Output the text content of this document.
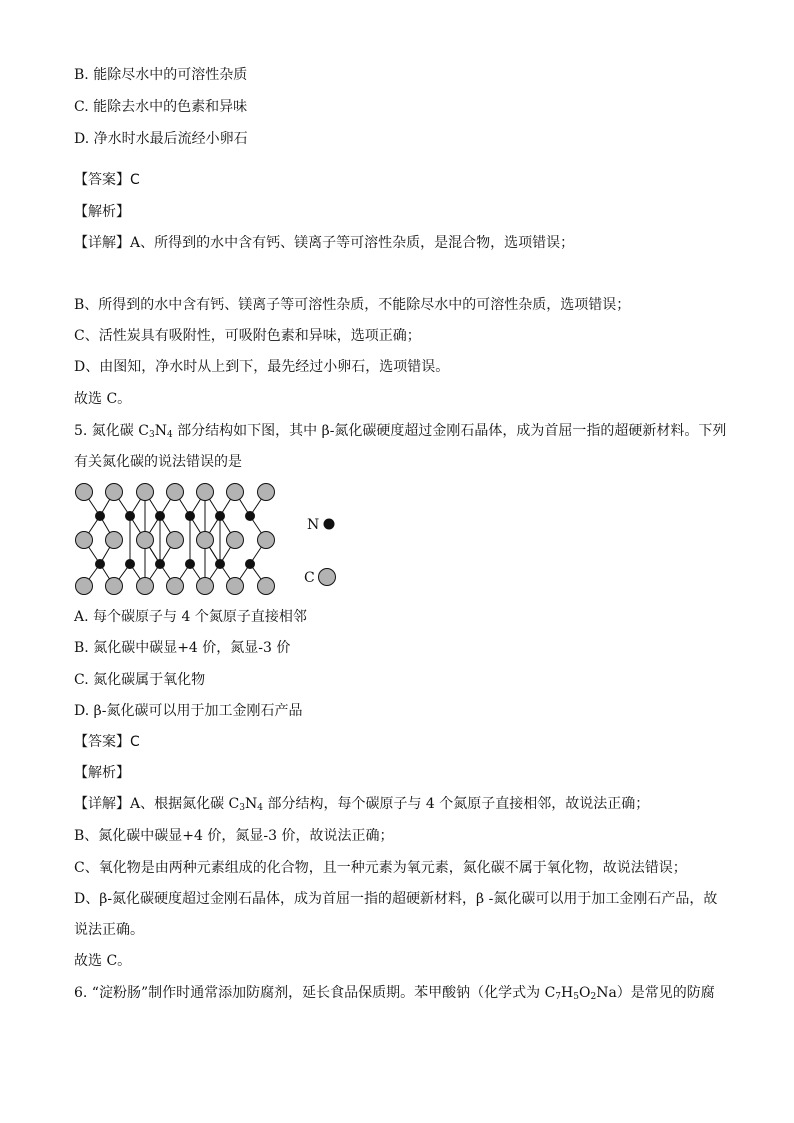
B. 能除尽水中的可溶性杂质
C. 能除去水中的色素和异味
D. 净水时水最后流经小卵石
【答案】C
【解析】
【详解】A、所得到的水中含有钙、镁离子等可溶性杂质，是混合物，选项错误；
B、所得到的水中含有钙、镁离子等可溶性杂质，不能除尽水中的可溶性杂质，选项错误；
C、活性炭具有吸附性，可吸附色素和异味，选项正确；
D、由图知，净水时从上到下，最先经过小卵石，选项错误。
故选 C。
5. 氮化碳 C3N4 部分结构如下图，其中 β-氮化碳硬度超过金刚石晶体，成为首屈一指的超硬新材料。下列
有关氮化碳的说法错误的是
N
C
A. 每个碳原子与 4 个氮原子直接相邻
B. 氮化碳中碳显+4 价，氮显-3 价
C. 氮化碳属于氧化物
D. β-氮化碳可以用于加工金刚石产品
【答案】C
【解析】
【详解】A、根据氮化碳 C3N4 部分结构，每个碳原子与 4 个氮原子直接相邻，故说法正确；
B、氮化碳中碳显+4 价，氮显-3 价，故说法正确；
C、氧化物是由两种元素组成的化合物，且一种元素为氧元素，氮化碳不属于氧化物，故说法错误；
D、β-氮化碳硬度超过金刚石晶体，成为首屈一指的超硬新材料，β -氮化碳可以用于加工金刚石产品，故
说法正确。
故选 C。
6. “淀粉肠”制作时通常添加防腐剂，延长食品保质期。苯甲酸钠（化学式为 C7H5O2Na）是常见的防腐
